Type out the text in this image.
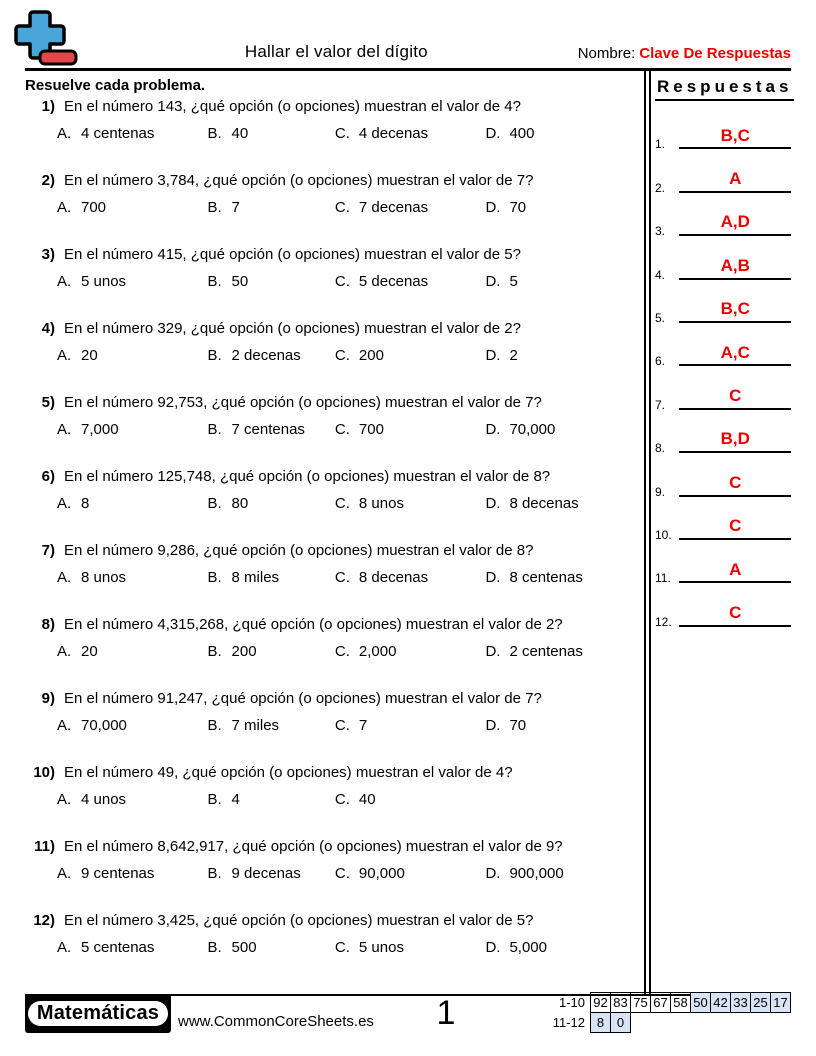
Hallar el valor del dígito	Nombre: Clave De Respuestas
Resuelve cada problema.
1) En el número 143, ¿qué opción (o opciones) muestran el valor de 4?
A. 4 centenas	B. 40	C. 4 decenas	D. 400
2) En el número 3,784, ¿qué opción (o opciones) muestran el valor de 7?
A. 700	B. 7	C. 7 decenas	D. 70
3) En el número 415, ¿qué opción (o opciones) muestran el valor de 5?
A. 5 unos	B. 50	C. 5 decenas	D. 5
4) En el número 329, ¿qué opción (o opciones) muestran el valor de 2?
A. 20	B. 2 decenas	C. 200	D. 2
5) En el número 92,753, ¿qué opción (o opciones) muestran el valor de 7?
A. 7,000	B. 7 centenas	C. 700	D. 70,000
6) En el número 125,748, ¿qué opción (o opciones) muestran el valor de 8?
A. 8	B. 80	C. 8 unos	D. 8 decenas
7) En el número 9,286, ¿qué opción (o opciones) muestran el valor de 8?
A. 8 unos	B. 8 miles	C. 8 decenas	D. 8 centenas
8) En el número 4,315,268, ¿qué opción (o opciones) muestran el valor de 2?
A. 20	B. 200	C. 2,000	D. 2 centenas
9) En el número 91,247, ¿qué opción (o opciones) muestran el valor de 7?
A. 70,000	B. 7 miles	C. 7	D. 70
10) En el número 49, ¿qué opción (o opciones) muestran el valor de 4?
A. 4 unos	B. 4	C. 40
11) En el número 8,642,917, ¿qué opción (o opciones) muestran el valor de 9?
A. 9 centenas	B. 9 decenas	C. 90,000	D. 900,000
12) En el número 3,425, ¿qué opción (o opciones) muestran el valor de 5?
A. 5 centenas	B. 500	C. 5 unos	D. 5,000
Respuestas
1.	B,C
2.	A
3.	A,D
4.	A,B
5.	B,C
6.	A,C
7.	C
8.	B,D
9.	C
10.	C
11.	A
12.	C
Matemáticas	www.CommonCoreSheets.es 1	1-10	92	83	75	67	58	50	42	33	25	17
11-12	8	0								
